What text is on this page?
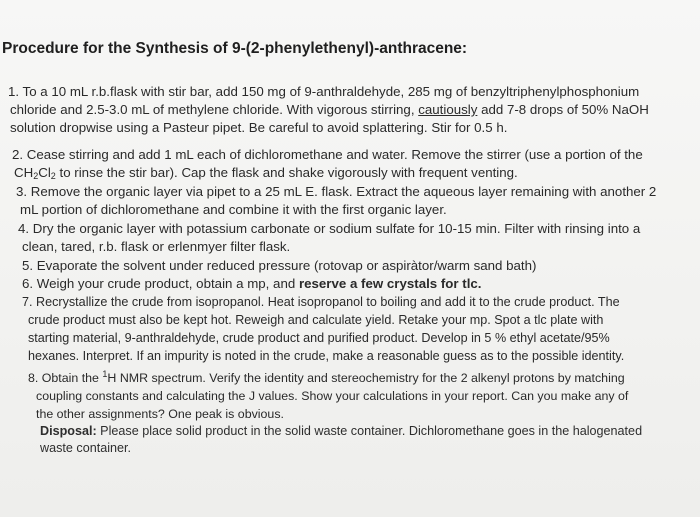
Procedure for the Synthesis of 9-(2-phenylethenyl)-anthracene:
1. To a 10 mL r.b.flask with stir bar, add 150 mg of 9-anthraldehyde, 285 mg of benzyltriphenylphosphonium
chloride and 2.5-3.0 mL of methylene chloride. With vigorous stirring, cautiously add 7-8 drops of 50% NaOH
solution dropwise using a Pasteur pipet. Be careful to avoid splattering. Stir for 0.5 h.
2. Cease stirring and add 1 mL each of dichloromethane and water. Remove the stirrer (use a portion of the
$CH_2Cl_2$ to rinse the stir bar). Cap the flask and shake vigorously with frequent venting.
3. Remove the organic layer via pipet to a 25 mL E. flask. Extract the aqueous layer remaining with another 2
mL portion of dichloromethane and combine it with the first organic layer.
4. Dry the organic layer with potassium carbonate or sodium sulfate for 10-15 min. Filter with rinsing into a
clean, tared, r.b. flask or erlenmyer filter flask.
5. Evaporate the solvent under reduced pressure (rotovap or aspiràtor/warm sand bath)
6. Weigh your crude product, obtain a mp, and reserve a few crystals for tlc.
7. Recrystallize the crude from isopropanol. Heat isopropanol to boiling and add it to the crude product. The
crude product must also be kept hot. Reweigh and calculate yield. Retake your mp. Spot a tlc plate with
starting material, 9-anthraldehyde, crude product and purified product. Develop in 5 % ethyl acetate/95%
hexanes. Interpret. If an impurity is noted in the crude, make a reasonable guess as to the possible identity.
8. Obtain the $^1$H NMR spectrum. Verify the identity and stereochemistry for the 2 alkenyl protons by matching
coupling constants and calculating the J values. Show your calculations in your report. Can you make any of
the other assignments? One peak is obvious.
Disposal: Please place solid product in the solid waste container. Dichloromethane goes in the halogenated
waste container.
